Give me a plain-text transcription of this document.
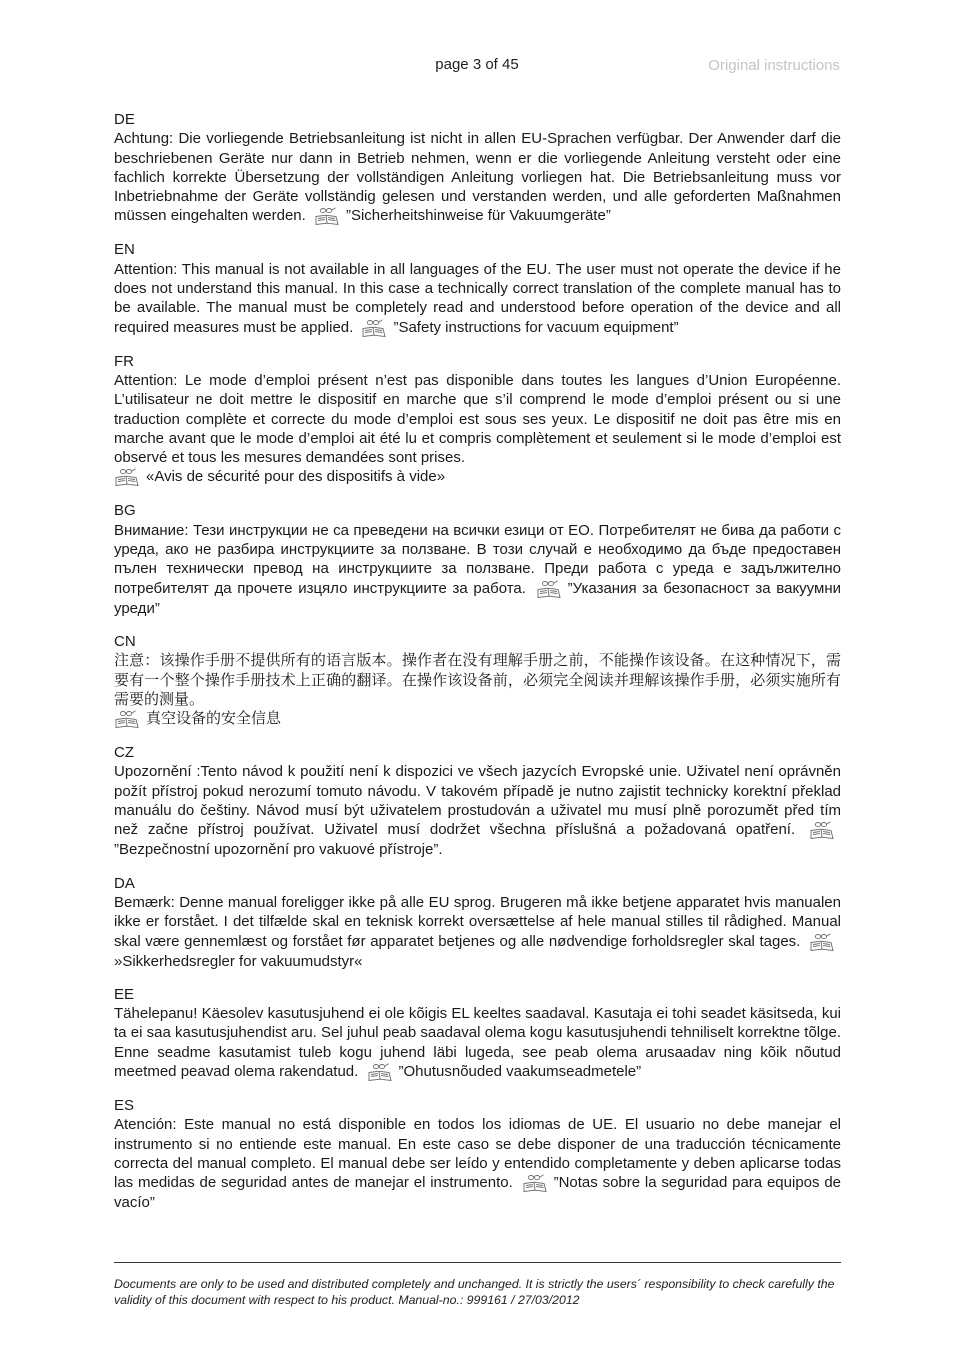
page 3 of 45	Original instructions
DE
Achtung: Die vorliegende Betriebsanleitung ist nicht in allen EU-Sprachen verfügbar. Der Anwender darf die beschriebenen Geräte nur dann in Betrieb nehmen, wenn er die vorliegende Anleitung versteht oder eine fachlich korrekte Übersetzung der vollständigen Anleitung vorliegen hat. Die Betriebsanleitung muss vor Inbetriebnahme der Geräte vollständig gelesen und verstanden werden, und alle geforderten Maßnahmen müssen eingehalten werden.	”Sicherheitshinweise für Vakuumgeräte”
EN
Attention: This manual is not available in all languages of the EU. The user must not operate the device if he does not understand this manual. In this case a technically correct translation of the complete manual has to be available. The manual must be completely read and understood before operation of the device and all required measures must be applied.	”Safety instructions for vacuum equipment”
FR
Attention: Le mode d’emploi présent n’est pas disponible dans toutes les langues d’Union Européenne. L’utilisateur ne doit mettre le dispositif en marche que s’il comprend le mode d’emploi présent ou si une traduction complète et correcte du mode d’emploi est sous ses yeux. Le dispositif ne doit pas être mis en marche avant que le mode d’emploi ait été lu et compris complètement et seulement si le mode d’emploi est observé et tous les mesures demandées sont prises.
«Avis de sécurité pour des dispositifs à vide»
BG
Внимание: Тези инструкции не са преведени на всички езици от ЕО. Потребителят не бива да работи с уреда, ако не разбира инструкциите за ползване. В този случай е необходимо да бъде предоставен пълен технически превод на инструкциите за ползване. Преди работа с уреда е задължително потребителят да прочете изцяло инструкциите за работа.	”Указания за безопасност за вакуумни уреди”
CN
注意：该操作手册不提供所有的语言版本。操作者在没有理解手册之前，不能操作该设备。在这种情况下，需要有一个整个操作手册技术上正确的翻译。在操作该设备前，必须完全阅读并理解该操作手册，必须实施所有需要的测量。
真空设备的安全信息
CZ
Upozornění :Tento návod k použití není k dispozici ve všech jazycích Evropské unie. Uživatel není oprávněn požít přístroj pokud nerozumí tomuto návodu. V takovém případě je nutno zajistit technicky korektní překlad manuálu do češtiny. Návod musí být uživatelem prostudován a uživatel mu musí plně porozumět před tím než začne přístroj používat. Uživatel musí dodržet všechna příslušná a požadovaná opatření.
”Bezpečnostní upozornění pro vakuové přístroje”.
DA
Bemærk: Denne manual foreligger ikke på alle EU sprog. Brugeren må ikke betjene apparatet hvis manualen ikke er forstået. I det tilfælde skal en teknisk korrekt oversættelse af hele manual stilles til rådighed. Manual skal være gennemlæst og forstået før apparatet betjenes og alle nødvendige forholdsregler skal tages.
»Sikkerhedsregler for vakuumudstyr«
EE
Tähelepanu! Käesolev kasutusjuhend ei ole kõigis EL keeltes saadaval. Kasutaja ei tohi seadet käsitseda, kui ta ei saa kasutusjuhendist aru. Sel juhul peab saadaval olema kogu kasutusjuhendi tehniliselt korrektne tõlge. Enne seadme kasutamist tuleb kogu juhend läbi lugeda, see peab olema arusaadav ning kõik nõutud meetmed peavad olema rakendatud.	”Ohutusnõuded vaakumseadmetele”
ES
Atención: Este manual no está disponible en todos los idiomas de UE. El usuario no debe manejar el instrumento si no entiende este manual. En este caso se debe disponer de una traducción técnicamente correcta del manual completo. El manual debe ser leído y entendido completamente y deben aplicarse todas las medidas de seguridad antes de manejar el instrumento.	”Notas sobre la seguridad para equipos de vacío”
Documents are only to be used and distributed completely and unchanged. It is strictly the users´ responsibility to check carefully the validity of this document with respect to his product. Manual-no.: 999161 / 27/03/2012
